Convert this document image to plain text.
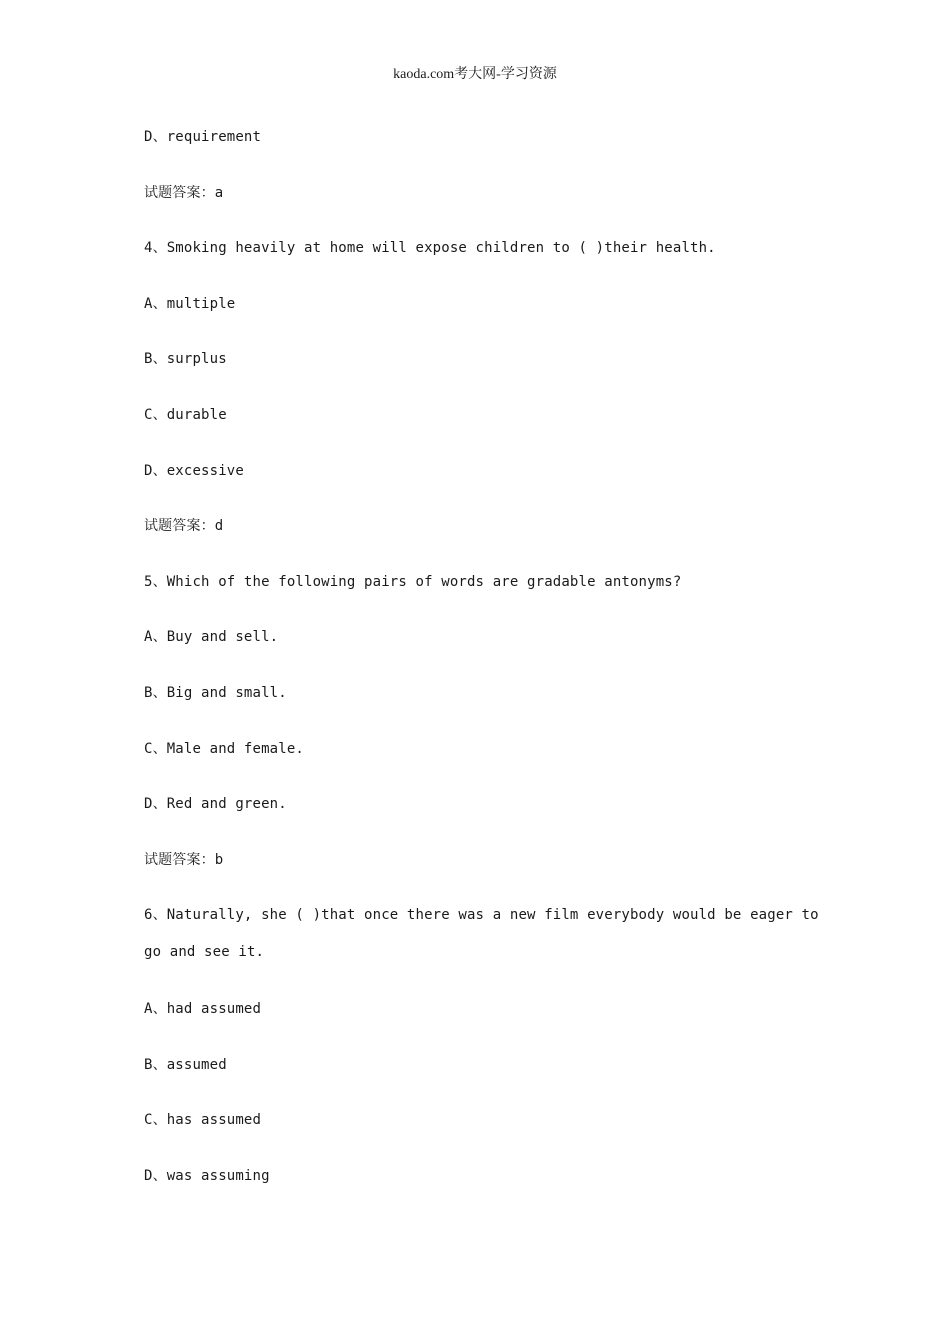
kaoda.com考大网-学习资源
D、requirement
试题答案：a
4、Smoking heavily at home will expose children to ( )their health.
A、multiple
B、surplus
C、durable
D、excessive
试题答案：d
5、Which of the following pairs of words are gradable antonyms?
A、Buy and sell.
B、Big and small.
C、Male and female.
D、Red and green.
试题答案：b
6、Naturally, she ( )that once there was a new film everybody would be eager to go and see it.
A、had assumed
B、assumed
C、has assumed
D、was assuming
